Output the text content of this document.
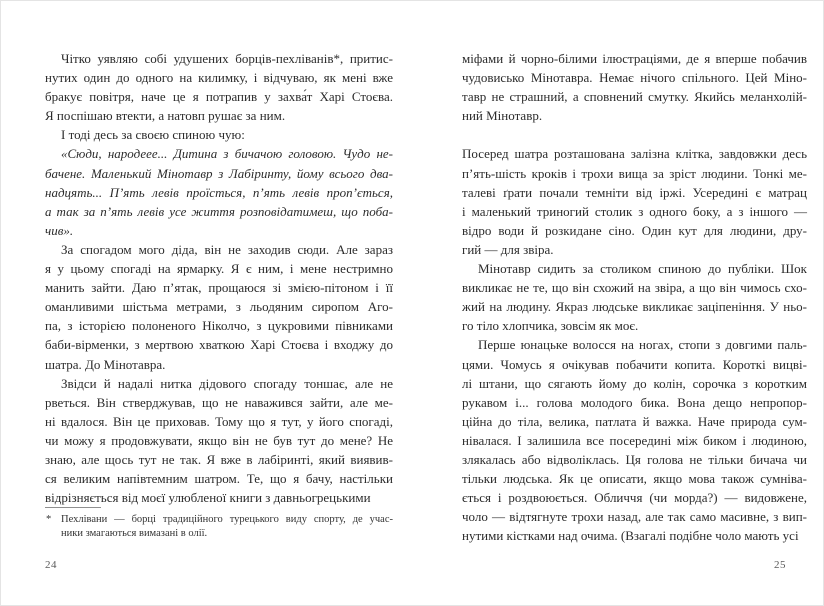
Чітко уявляю собі удушених борців-пехліванів*, притис-
нутих один до одного на килимку, і відчуваю, як мені вже
бракує повітря, наче це я потрапив у захва́т Харі Стоєва.
Я поспішаю втекти, а натовп рушає за ним.

І тоді десь за своєю спиною чую:

«Сюди, народеее... Дитина з бичачою головою. Чудо не-
бачене. Маленький Мінотавр з Лабіринту, йому всього два-
надцять... П’ять левів проїсться, п’ять левів проп’ється,
а так за п’ять левів усе життя розповідатимеш, що поба-
чив».

За спогадом мого діда, він не заходив сюди. Але зараз
я у цьому спогаді на ярмарку. Я є ним, і мене нестримно
манить зайти. Даю п’ятак, прощаюся зі змією-пітоном і її
оманливими шістьма метрами, з льодяним сиропом Аго-
па, з історією полоненого Ніколчо, з цукровими півниками
баби-вірменки, з мертвою хваткою Харі Стоєва і входжу до
шатра. До Мінотавра.

Звідси й надалі нитка дідового спогаду тоншає, але не
рветься. Він стверджував, що не наважився зайти, але ме-
ні вдалося. Він це приховав. Тому що я тут, у його спогаді,
чи можу я продовжувати, якщо він не був тут до мене? Не
знаю, але щось тут не так. Я вже в лабіринті, який виявив-
ся великим напівтемним шатром. Те, що я бачу, настільки
відрізняється від моєї улюбленої книги з давньогрецькими

* Пехлівани — борці традиційного турецького виду спорту, де учас-
ники змагаються вимазані в олії.
24

міфами й чорно-білими ілюстраціями, де я вперше побачив
чудовисько Мінотавра. Немає нічого спільного. Цей Міно-
тавр не страшний, а сповнений смутку. Якийсь меланхолій-
ний Мінотавр.

Посеред шатра розташована залізна клітка, завдовжки десь
п’ять-шість кроків і трохи вища за зріст людини. Тонкі ме-
талеві ґрати почали темніти від іржі. Усередині є матрац
і маленький триногий столик з одного боку, а з іншого —
відро води й розкидане сіно. Один кут для людини, дру-
гий — для звіра.

Мінотавр сидить за столиком спиною до публіки. Шок
викликає не те, що він схожий на звіра, а що він чимось схо-
жий на людину. Якраз людське викликає заціпеніння. У ньо-
го тіло хлопчика, зовсім як моє.

Перше юнацьке волосся на ногах, стопи з довгими паль-
цями. Чомусь я очікував побачити копита. Короткі вицві-
лі штани, що сягають йому до колін, сорочка з коротким
рукавом і... голова молодого бика. Вона дещо непропор-
ційна до тіла, велика, патлата й важка. Наче природа сум-
нівалася. І залишила все посередині між биком і людиною,
злякалась або відволіклась. Ця голова не тільки бичача чи
тільки людська. Як це описати, якщо мова також сумніва-
ється і роздвоюється. Обличчя (чи морда?) — видовжене,
чоло — відтягнуте трохи назад, але так само масивне, з вип-
нутими кістками над очима. (Взагалі подібне чоло мають усі

25
